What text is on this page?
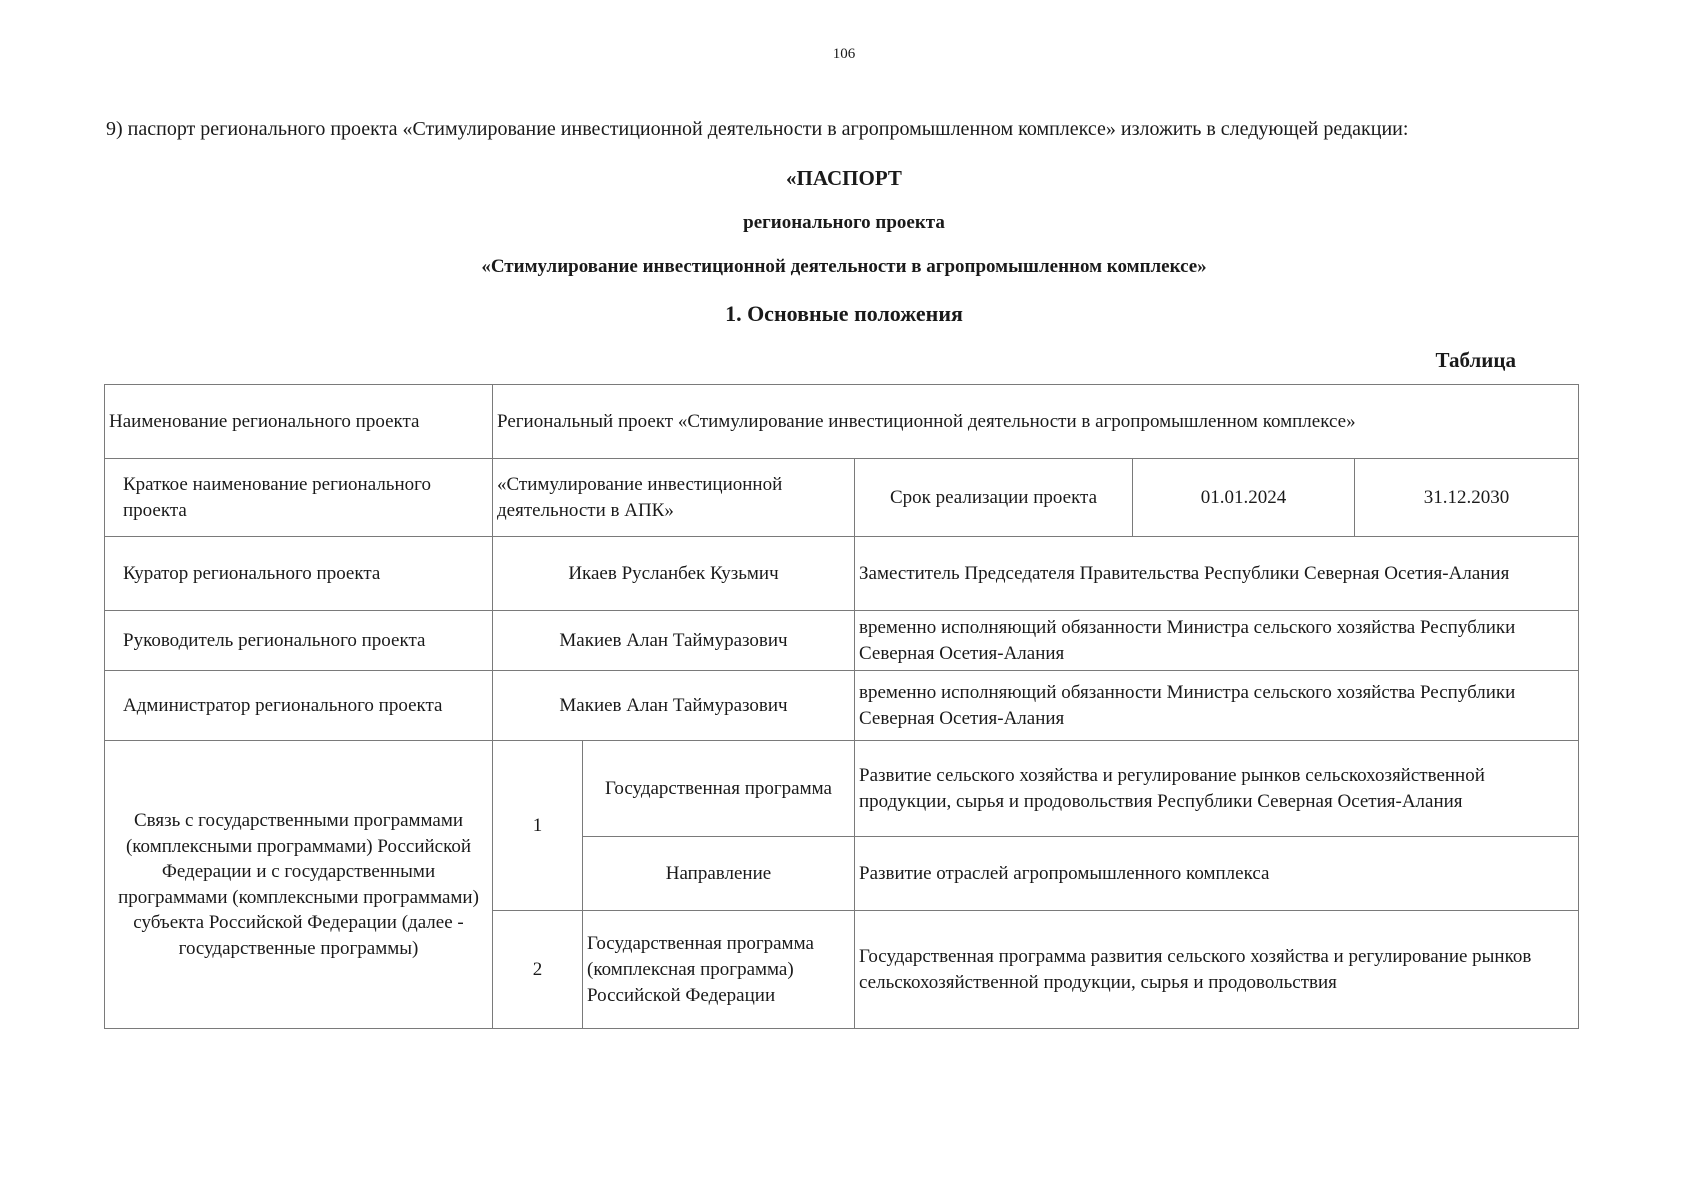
106
9) паспорт регионального проекта «Стимулирование инвестиционной деятельности в агропромышленном комплексе» изложить в следующей редакции:
«ПАСПОРТ
регионального проекта
«Стимулирование инвестиционной деятельности в агропромышленном комплексе»
1. Основные положения
Таблица
Наименование регионального проекта	Региональный проект «Стимулирование инвестиционной деятельности в агропромышленном комплексе»				
Краткое наименование регионального проекта	«Стимулирование инвестиционной деятельности в АПК»		Срок реализации проекта	01.01.2024	31.12.2030
Куратор регионального проекта	Икаев Русланбек Кузьмич		Заместитель Председателя Правительства Республики Северная Осетия-Алания		
Руководитель регионального проекта	Макиев Алан Таймуразович		временно исполняющий обязанности Министра сельского хозяйства Республики Северная Осетия-Алания		
Администратор регионального проекта	Макиев Алан Таймуразович		временно исполняющий обязанности Министра сельского хозяйства Республики Северная Осетия-Алания		
Связь с государственными программами (комплексными программами) Российской Федерации и с государственными программами (комплексными программами) субъекта Российской Федерации (далее - государственные программы)	1	Государственная программа	Развитие сельского хозяйства и регулирование рынков сельскохозяйственной продукции, сырья и продовольствия Республики Северная Осетия-Алания		
		Направление	Развитие отраслей агропромышленного комплекса		
	2	Государственная программа (комплексная программа) Российской Федерации	Государственная программа развития сельского хозяйства и регулирование рынков сельскохозяйственной продукции, сырья и продовольствия		
